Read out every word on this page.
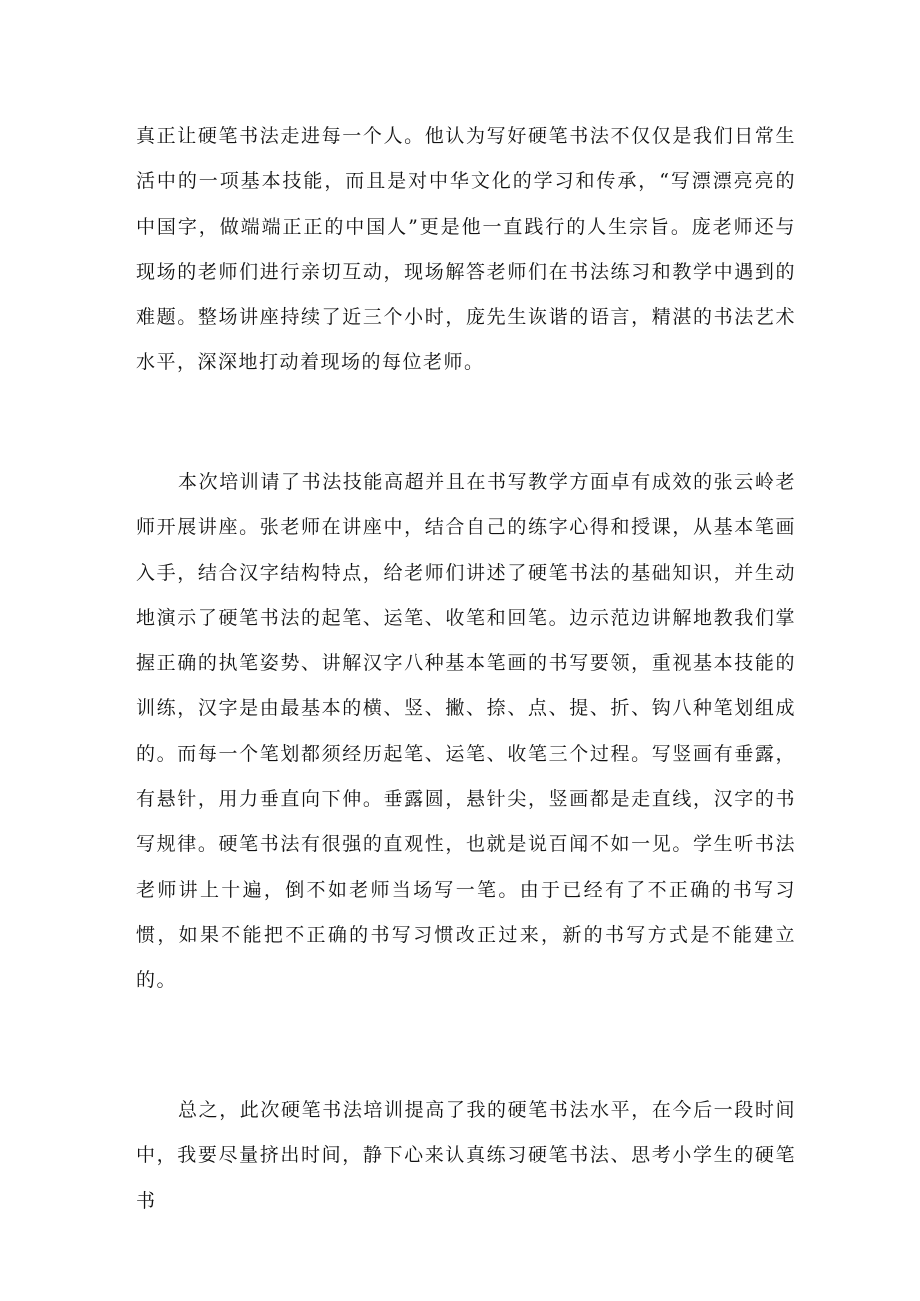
真正让硬笔书法走进每一个人。他认为写好硬笔书法不仅仅是我们日常生活中的一项基本技能，而且是对中华文化的学习和传承，“写漂漂亮亮的中国字，做端端正正的中国人”更是他一直践行的人生宗旨。庞老师还与现场的老师们进行亲切互动，现场解答老师们在书法练习和教学中遇到的难题。整场讲座持续了近三个小时，庞先生诙谐的语言，精湛的书法艺术水平，深深地打动着现场的每位老师。

本次培训请了书法技能高超并且在书写教学方面卓有成效的张云岭老师开展讲座。张老师在讲座中，结合自己的练字心得和授课，从基本笔画入手，结合汉字结构特点，给老师们讲述了硬笔书法的基础知识，并生动地演示了硬笔书法的起笔、运笔、收笔和回笔。边示范边讲解地教我们掌握正确的执笔姿势、讲解汉字八种基本笔画的书写要领，重视基本技能的训练，汉字是由最基本的横、竖、撇、捺、点、提、折、钩八种笔划组成的。而每一个笔划都须经历起笔、运笔、收笔三个过程。写竖画有垂露，有悬针，用力垂直向下伸。垂露圆，悬针尖，竖画都是走直线，汉字的书写规律。硬笔书法有很强的直观性，也就是说百闻不如一见。学生听书法老师讲上十遍，倒不如老师当场写一笔。由于已经有了不正确的书写习惯，如果不能把不正确的书写习惯改正过来，新的书写方式是不能建立的。

总之，此次硬笔书法培训提高了我的硬笔书法水平，在今后一段时间中，我要尽量挤出时间，静下心来认真练习硬笔书法、思考小学生的硬笔书
